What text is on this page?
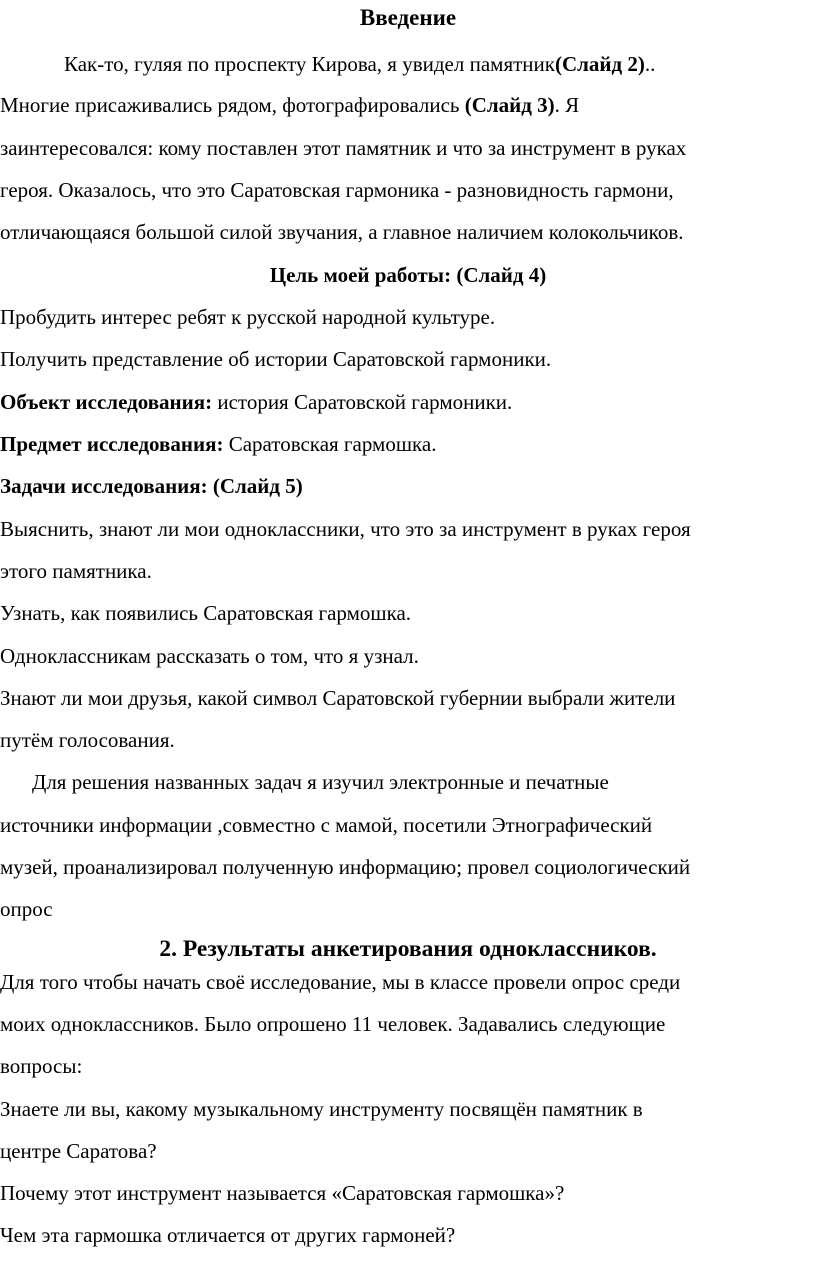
Введение
Как-то, гуляя по проспекту Кирова, я увидел памятник(Слайд 2)..
Многие присаживались рядом, фотографировались (Слайд 3). Я
заинтересовался: кому поставлен этот памятник и что за инструмент в руках
героя. Оказалось, что это Саратовская гармоника - разновидность гармони,
отличающаяся большой силой звучания, а главное наличием колокольчиков.
Цель моей работы: (Слайд 4)
Пробудить интерес ребят к русской народной культуре.
Получить представление об истории Саратовской гармоники.
Объект исследования: история Саратовской гармоники.
Предмет исследования: Саратовская гармошка.
Задачи исследования: (Слайд 5)
Выяснить, знают ли мои одноклассники, что это за инструмент в руках героя
этого памятника.
Узнать, как появились Саратовская гармошка.
Одноклассникам рассказать о том, что я узнал.
Знают ли мои друзья, какой символ Саратовской губернии выбрали жители
путём голосования.
Для решения названных задач я изучил электронные и печатные
источники информации ,совместно с мамой, посетили Этнографический
музей, проанализировал полученную информацию; провел социологический
опрос
2. Результаты анкетирования одноклассников.
Для того чтобы начать своё исследование, мы в классе провели опрос среди
моих одноклассников. Было опрошено 11 человек. Задавались следующие
вопросы:
Знаете ли вы, какому музыкальному инструменту посвящён памятник в
центре Саратова?
Почему этот инструмент называется «Саратовская гармошка»?
Чем эта гармошка отличается от других гармоней?
